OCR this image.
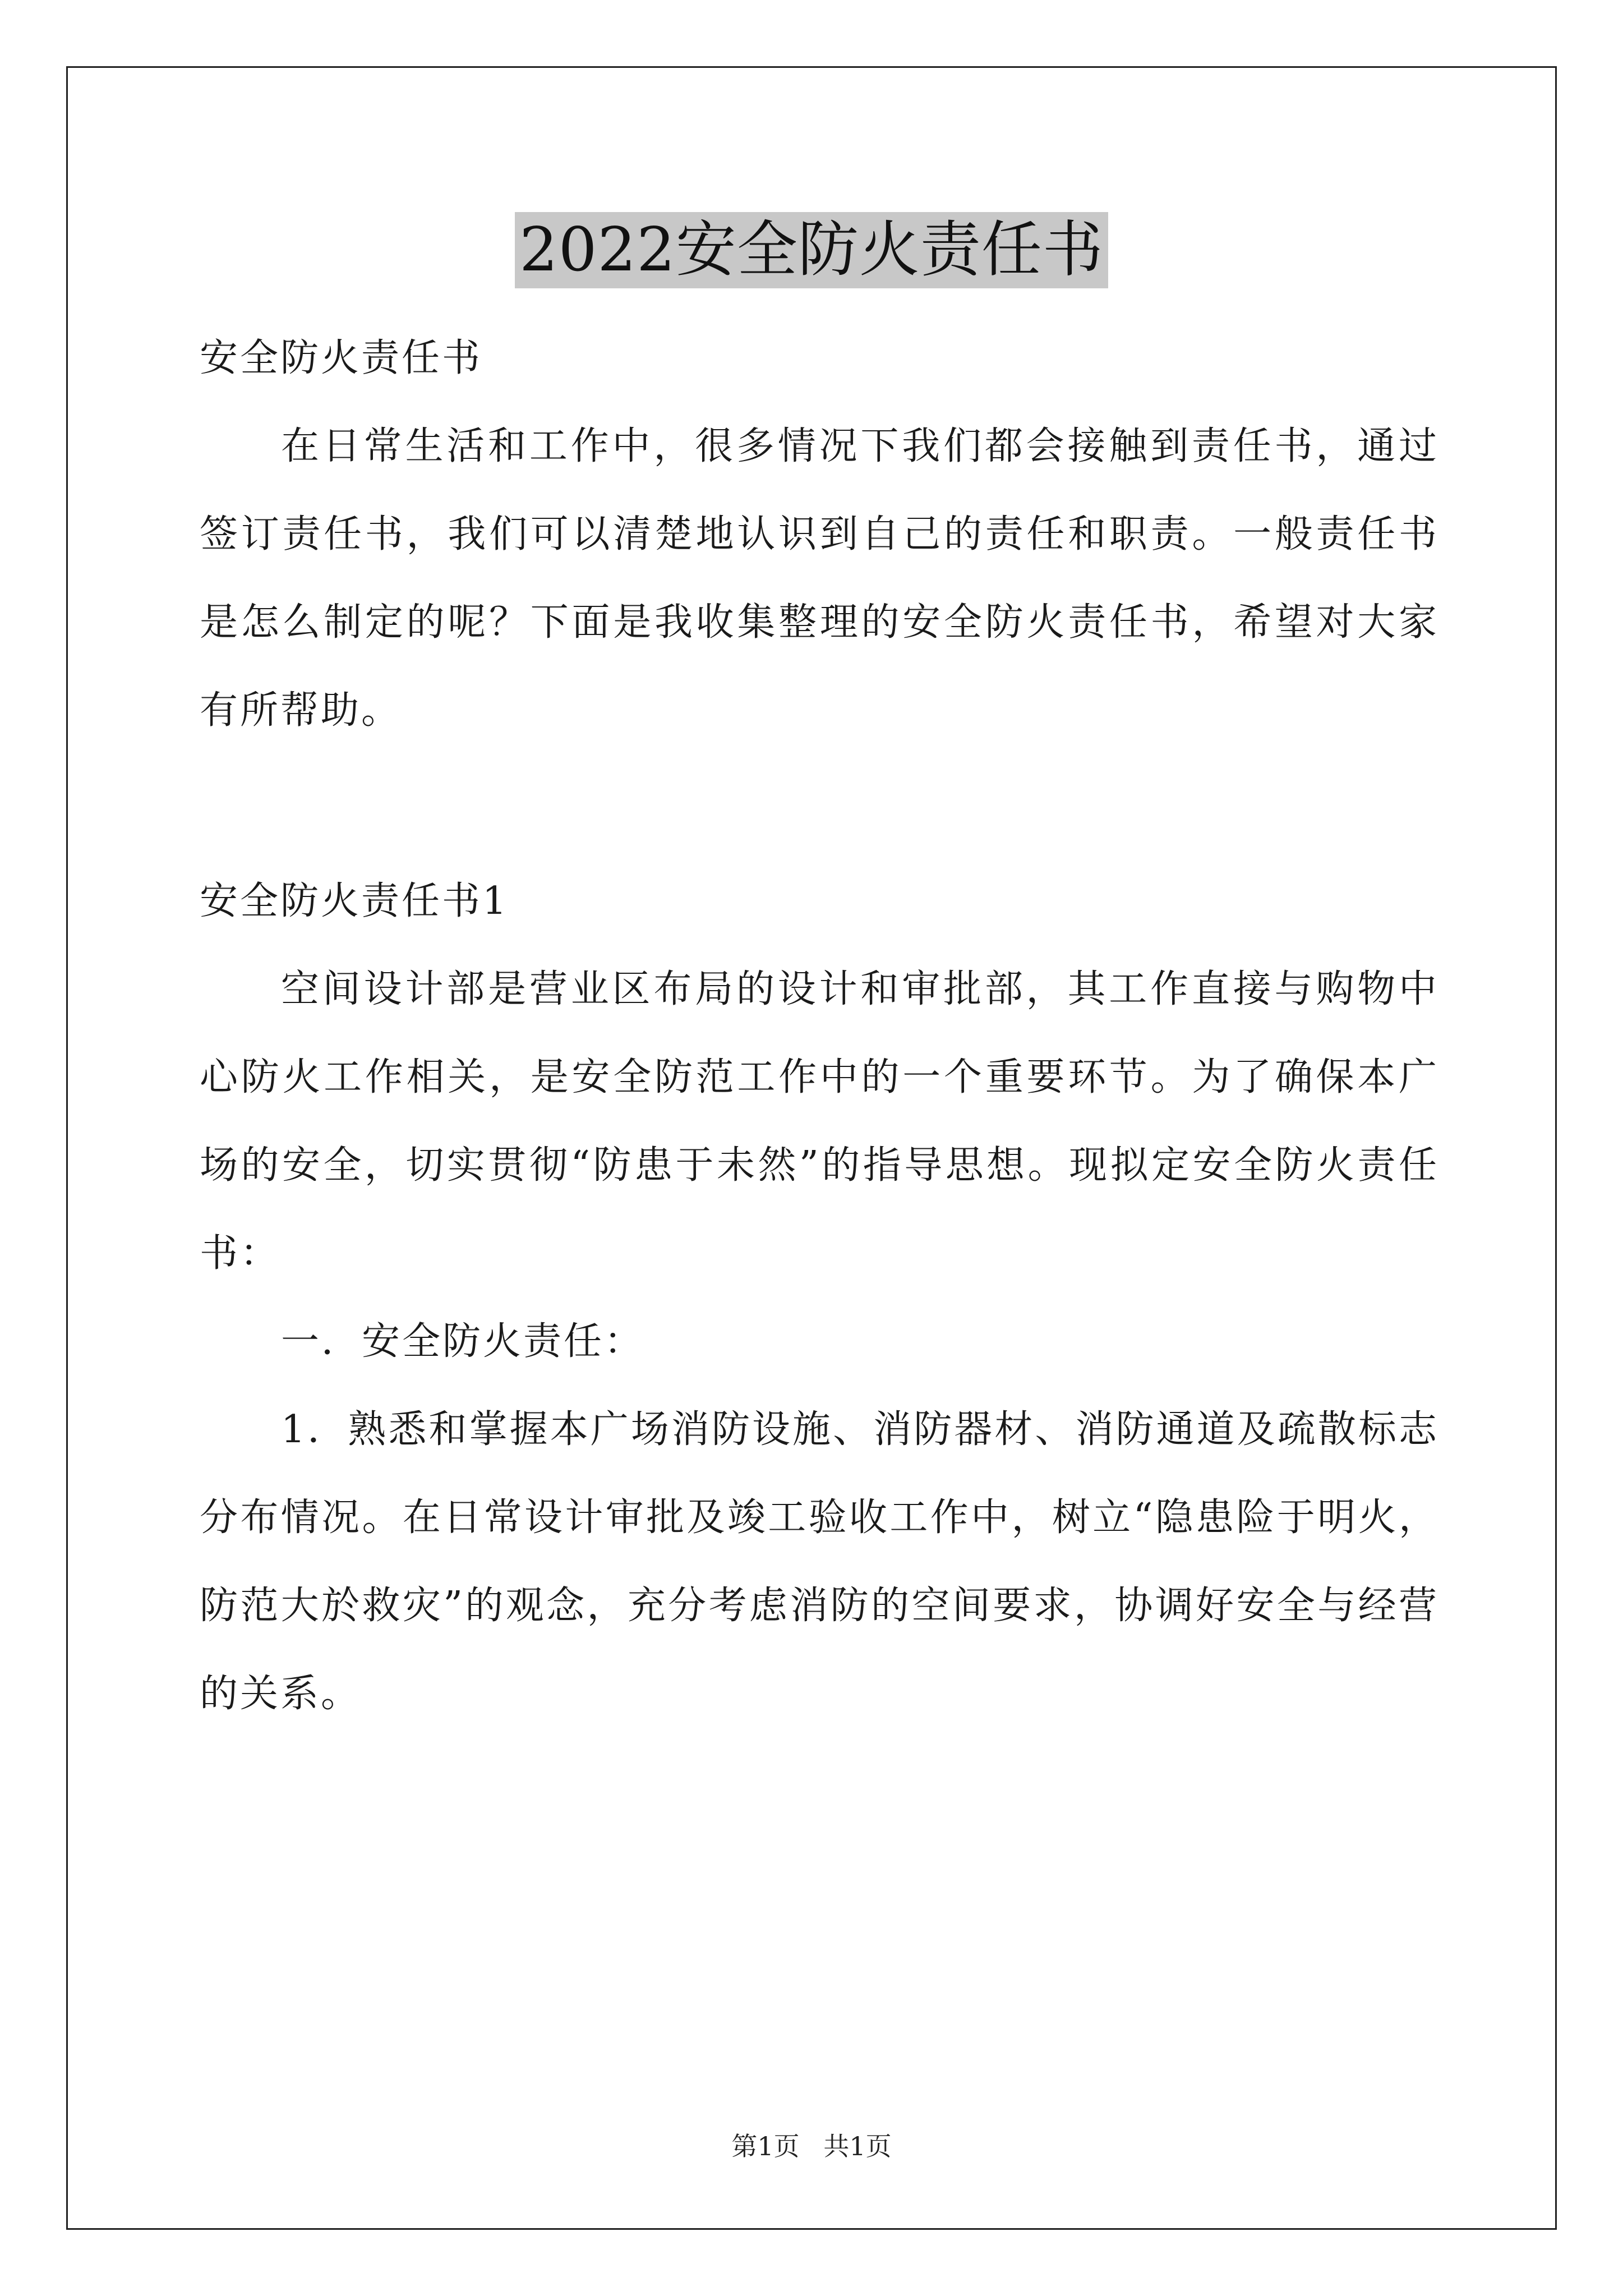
2022安全防火责任书

安全防火责任书

在日常生活和工作中，很多情况下我们都会接触到责任书，通过签订责任书，我们可以清楚地认识到自己的责任和职责。一般责任书是怎么制定的呢？下面是我收集整理的安全防火责任书，希望对大家有所帮助。

安全防火责任书1

空间设计部是营业区布局的设计和审批部，其工作直接与购物中心防火工作相关，是安全防范工作中的一个重要环节。为了确保本广场的安全，切实贯彻“防患于未然”的指导思想。现拟定安全防火责任书：

一．安全防火责任：

1．熟悉和掌握本广场消防设施、消防器材、消防通道及疏散标志分布情况。在日常设计审批及竣工验收工作中，树立“隐患险于明火，防范大於救灾”的观念，充分考虑消防的空间要求，协调好安全与经营的关系。

第1页 共1页
